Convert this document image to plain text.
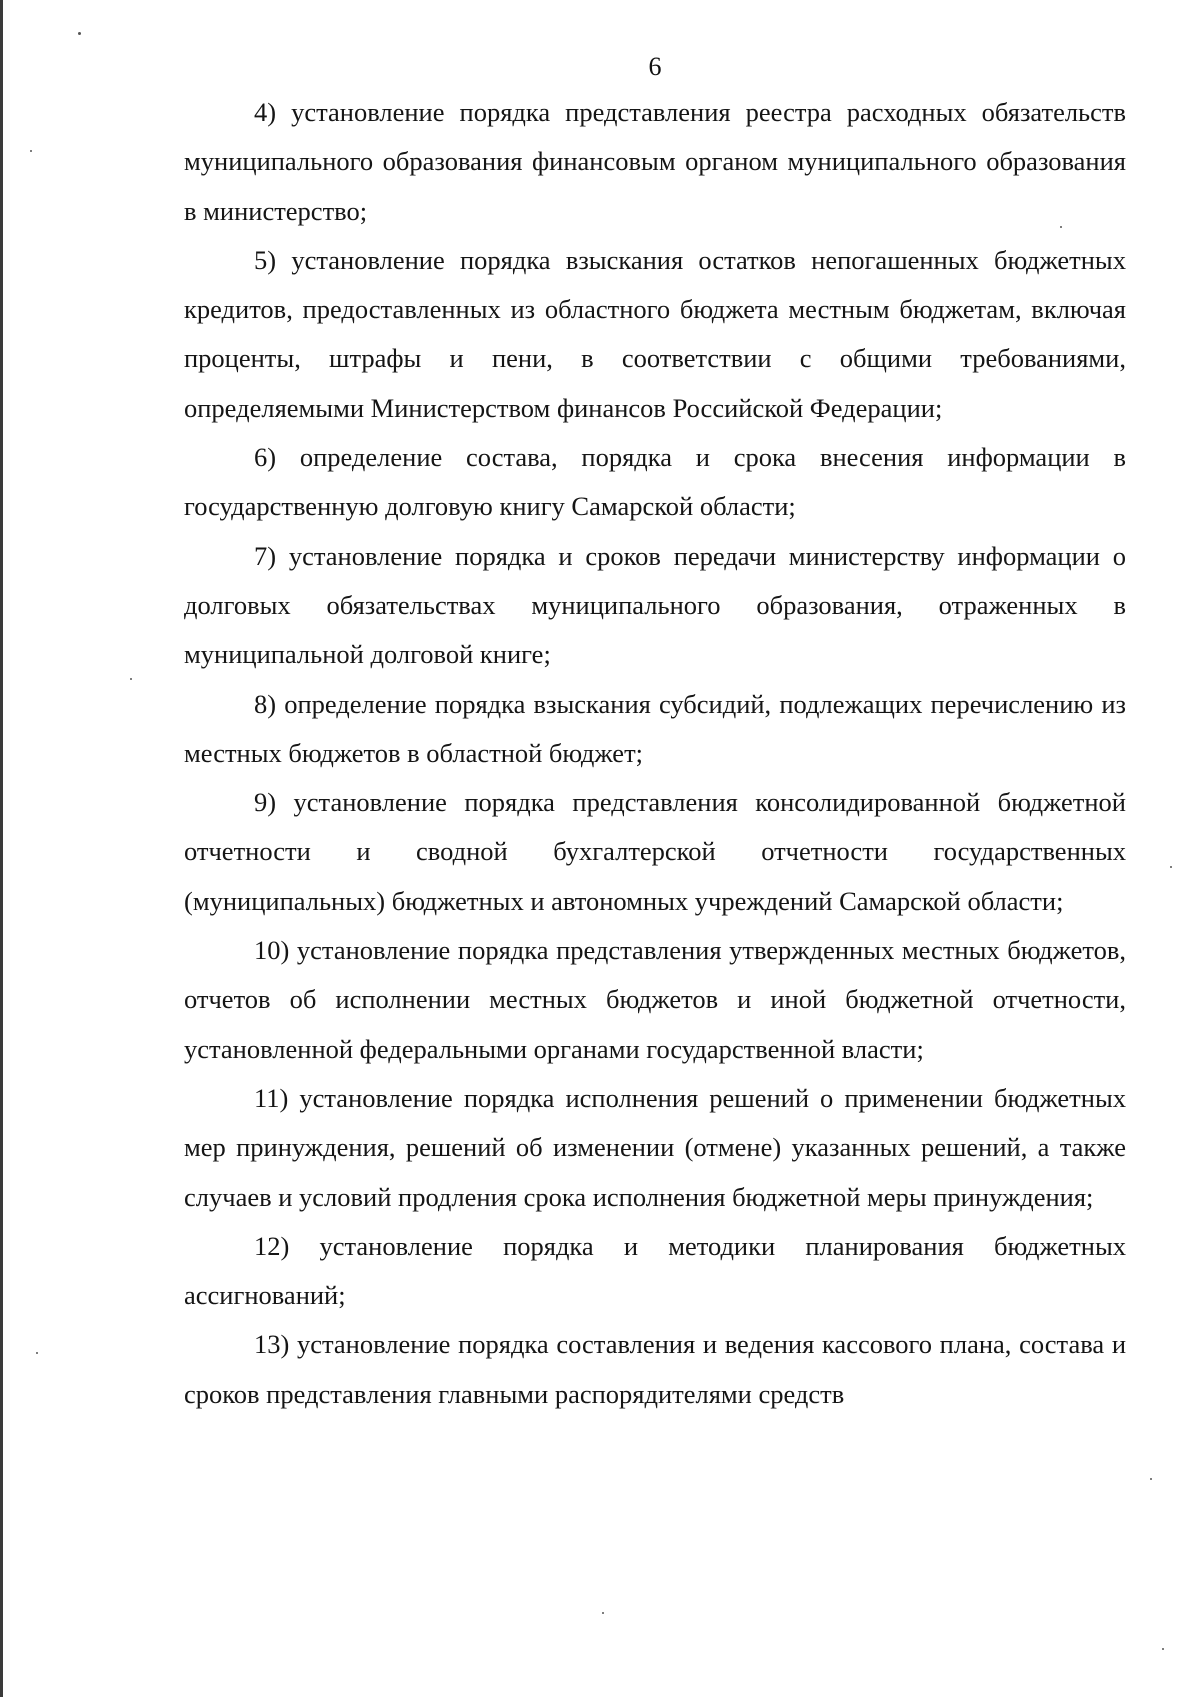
6

4) установление порядка представления реестра расходных обязательств муниципального образования финансовым органом муниципального образования в министерство;

5) установление порядка взыскания остатков непогашенных бюджетных кредитов, предоставленных из областного бюджета местным бюджетам, включая проценты, штрафы и пени, в соответствии с общими требованиями, определяемыми Министерством финансов Российской Федерации;

6) определение состава, порядка и срока внесения информации в государственную долговую книгу Самарской области;

7) установление порядка и сроков передачи министерству информации о долговых обязательствах муниципального образования, отраженных в муниципальной долговой книге;

8) определение порядка взыскания субсидий, подлежащих перечислению из местных бюджетов в областной бюджет;

9) установление порядка представления консолидированной бюджетной отчетности и сводной бухгалтерской отчетности государственных (муниципальных) бюджетных и автономных учреждений Самарской области;

10) установление порядка представления утвержденных местных бюджетов, отчетов об исполнении местных бюджетов и иной бюджетной отчетности, установленной федеральными органами государственной власти;

11) установление порядка исполнения решений о применении бюджетных мер принуждения, решений об изменении (отмене) указанных решений, а также случаев и условий продления срока исполнения бюджетной меры принуждения;

12) установление порядка и методики планирования бюджетных ассигнований;

13) установление порядка составления и ведения кассового плана, состава и сроков представления главными распорядителями средств
